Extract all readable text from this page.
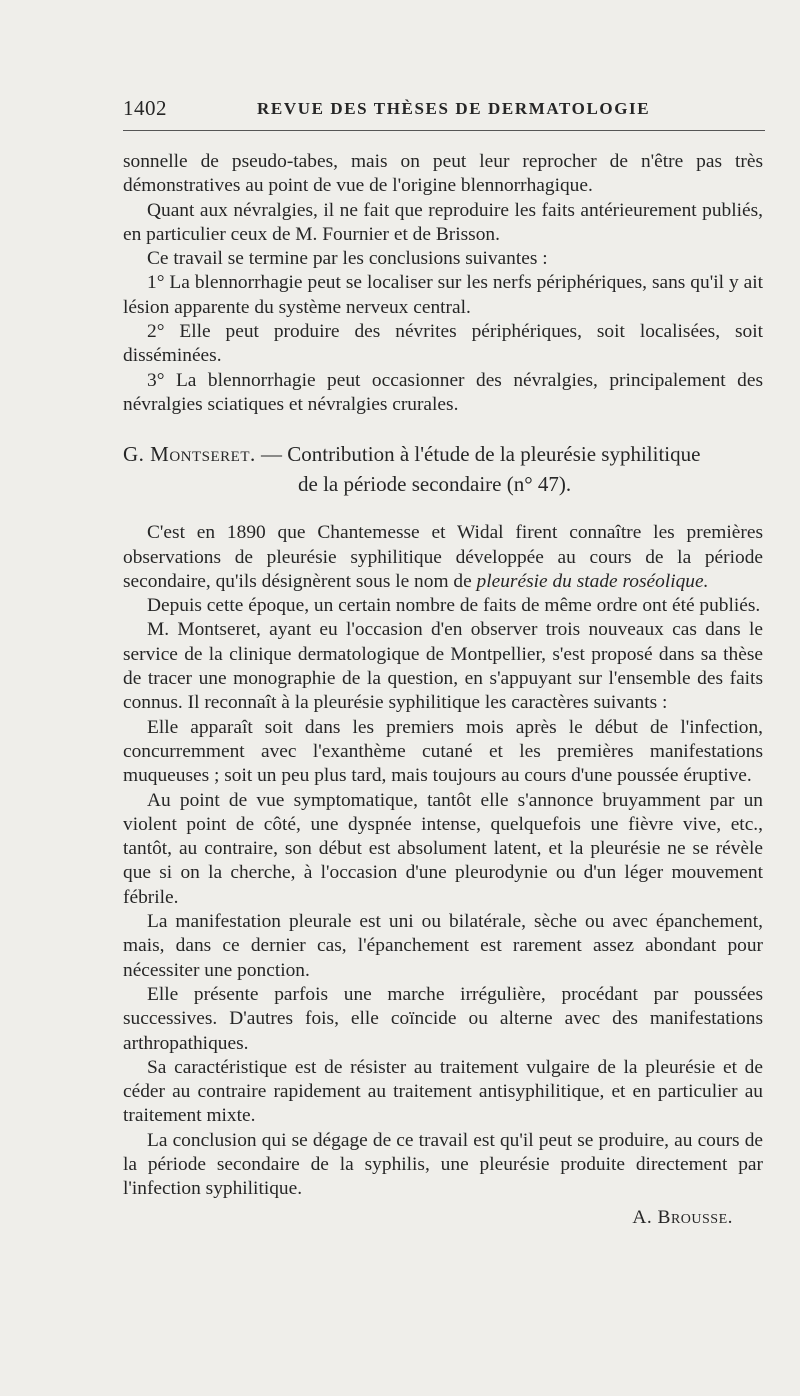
1402	REVUE DES THÈSES DE DERMATOLOGIE

sonnelle de pseudo-tabes, mais on peut leur reprocher de n'être pas très démonstratives au point de vue de l'origine blennorrhagique.

Quant aux névralgies, il ne fait que reproduire les faits antérieurement publiés, en particulier ceux de M. Fournier et de Brisson.

Ce travail se termine par les conclusions suivantes :

1° La blennorrhagie peut se localiser sur les nerfs périphériques, sans qu'il y ait lésion apparente du système nerveux central.

2° Elle peut produire des névrites périphériques, soit localisées, soit disséminées.

3° La blennorrhagie peut occasionner des névralgies, principalement des névralgies sciatiques et névralgies crurales.

G. Montseret. — Contribution à l'étude de la pleurésie syphilitique
de la période secondaire (n° 47).

C'est en 1890 que Chantemesse et Widal firent connaître les premières observations de pleurésie syphilitique développée au cours de la période secondaire, qu'ils désignèrent sous le nom de pleurésie du stade roséolique.

Depuis cette époque, un certain nombre de faits de même ordre ont été publiés.

M. Montseret, ayant eu l'occasion d'en observer trois nouveaux cas dans le service de la clinique dermatologique de Montpellier, s'est proposé dans sa thèse de tracer une monographie de la question, en s'appuyant sur l'ensemble des faits connus. Il reconnaît à la pleurésie syphilitique les caractères suivants :

Elle apparaît soit dans les premiers mois après le début de l'infection, concurremment avec l'exanthème cutané et les premières manifestations muqueuses ; soit un peu plus tard, mais toujours au cours d'une poussée éruptive.

Au point de vue symptomatique, tantôt elle s'annonce bruyamment par un violent point de côté, une dyspnée intense, quelquefois une fièvre vive, etc., tantôt, au contraire, son début est absolument latent, et la pleurésie ne se révèle que si on la cherche, à l'occasion d'une pleurodynie ou d'un léger mouvement fébrile.

La manifestation pleurale est uni ou bilatérale, sèche ou avec épanchement, mais, dans ce dernier cas, l'épanchement est rarement assez abondant pour nécessiter une ponction.

Elle présente parfois une marche irrégulière, procédant par poussées successives. D'autres fois, elle coïncide ou alterne avec des manifestations arthropathiques.

Sa caractéristique est de résister au traitement vulgaire de la pleurésie et de céder au contraire rapidement au traitement antisyphilitique, et en particulier au traitement mixte.

La conclusion qui se dégage de ce travail est qu'il peut se produire, au cours de la période secondaire de la syphilis, une pleurésie produite directement par l'infection syphilitique.

A. Brousse.
